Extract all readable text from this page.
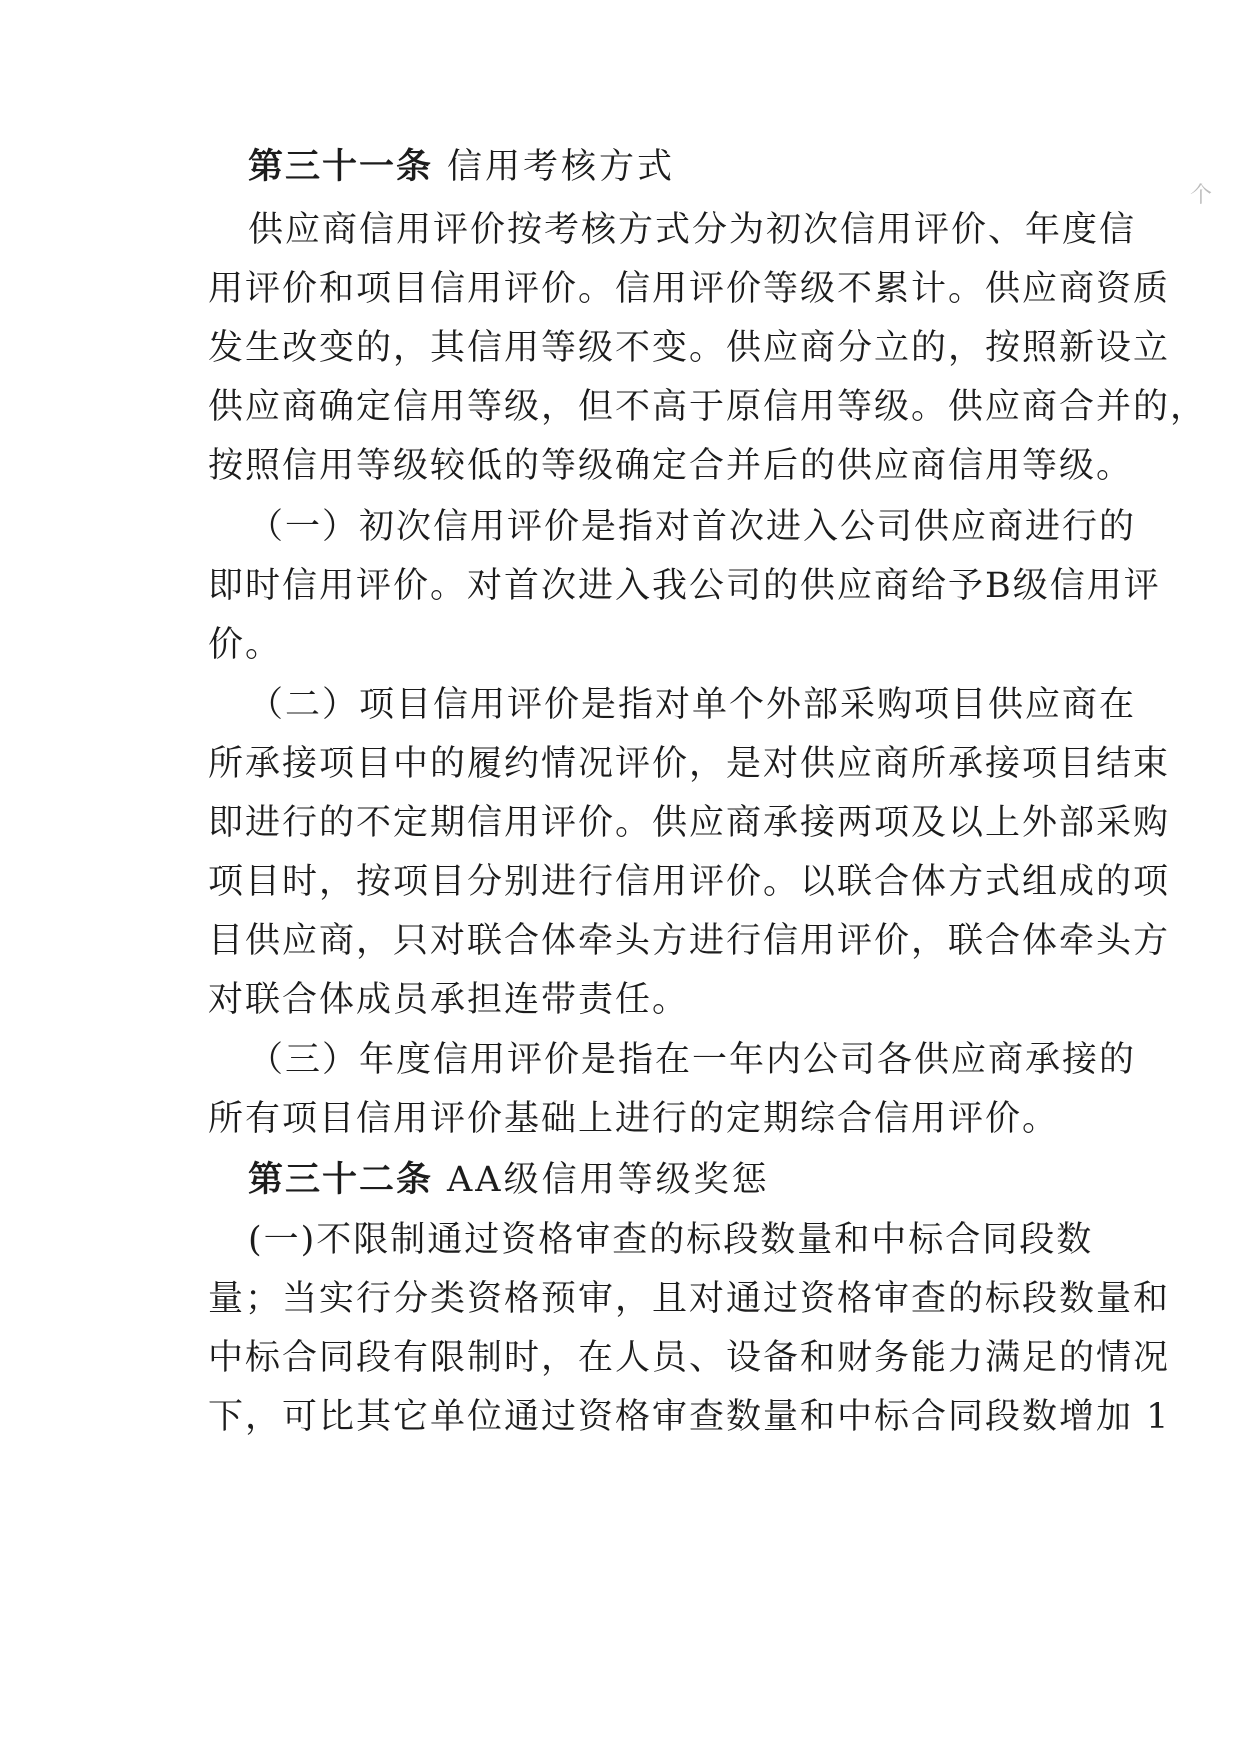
个
第三十一条 信用考核方式
供应商信用评价按考核方式分为初次信用评价、年度信
用评价和项目信用评价。信用评价等级不累计。供应商资质
发生改变的，其信用等级不变。供应商分立的，按照新设立
供应商确定信用等级，但不高于原信用等级。供应商合并的，
按照信用等级较低的等级确定合并后的供应商信用等级。
（一）初次信用评价是指对首次进入公司供应商进行的
即时信用评价。对首次进入我公司的供应商给予B级信用评
价。
（二）项目信用评价是指对单个外部采购项目供应商在
所承接项目中的履约情况评价，是对供应商所承接项目结束
即进行的不定期信用评价。供应商承接两项及以上外部采购
项目时，按项目分别进行信用评价。以联合体方式组成的项
目供应商，只对联合体牵头方进行信用评价，联合体牵头方
对联合体成员承担连带责任。
（三）年度信用评价是指在一年内公司各供应商承接的
所有项目信用评价基础上进行的定期综合信用评价。
第三十二条 AA级信用等级奖惩
(一)不限制通过资格审查的标段数量和中标合同段数
量；当实行分类资格预审，且对通过资格审查的标段数量和
中标合同段有限制时，在人员、设备和财务能力满足的情况
下，可比其它单位通过资格审查数量和中标合同段数增加 1
